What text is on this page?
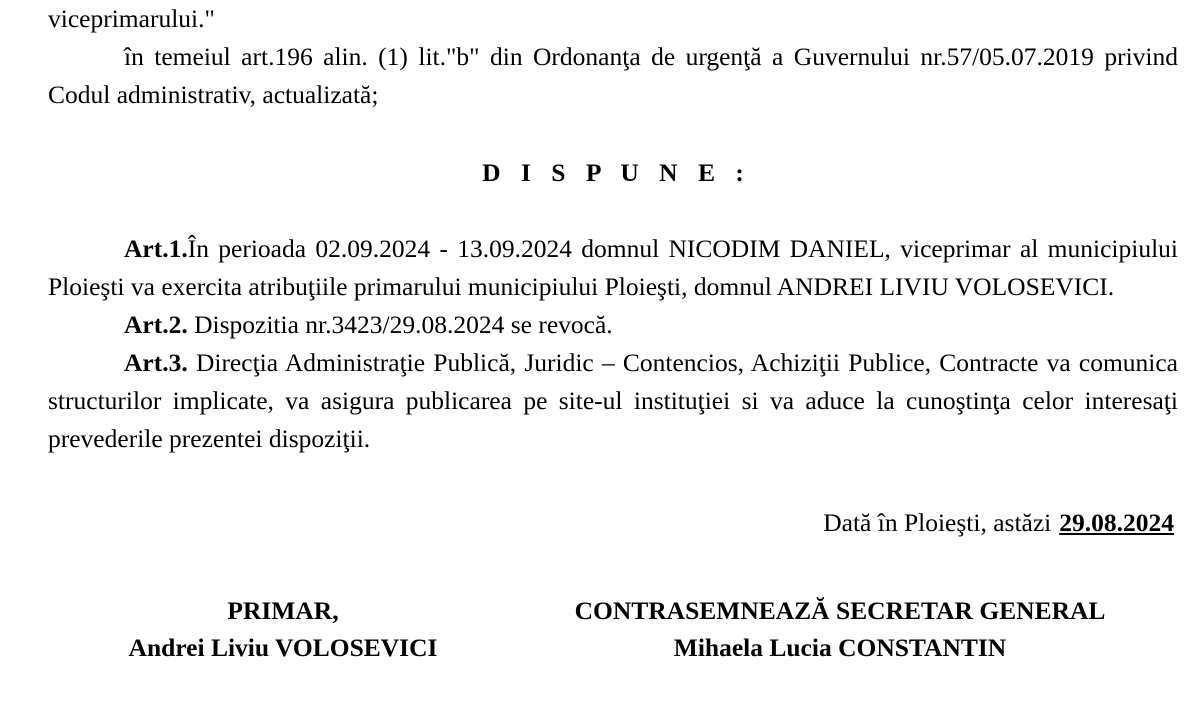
viceprimarului."

în temeiul art.196 alin. (1) lit."b" din Ordonanţa de urgenţă a Guvernului nr.57/05.07.2019 privind Codul administrativ, actualizată;

D I S P U N E :

Art.1.În perioada 02.09.2024 - 13.09.2024 domnul NICODIM DANIEL, viceprimar al municipiului Ploieşti va exercita atribuţiile primarului municipiului Ploieşti, domnul ANDREI LIVIU VOLOSEVICI.

Art.2. Dispozitia nr.3423/29.08.2024 se revocă.

Art.3. Direcţia Administraţie Publică, Juridic – Contencios, Achiziţii Publice, Contracte va comunica structurilor implicate, va asigura publicarea pe site-ul instituţiei si va aduce la cunoştinţa celor interesaţi prevederile prezentei dispoziţii.

Dată în Ploieşti, astăzi 29.08.2024

PRIMAR,
Andrei Liviu VOLOSEVICI
CONTRASEMNEAZĂ SECRETAR GENERAL
Mihaela Lucia CONSTANTIN
